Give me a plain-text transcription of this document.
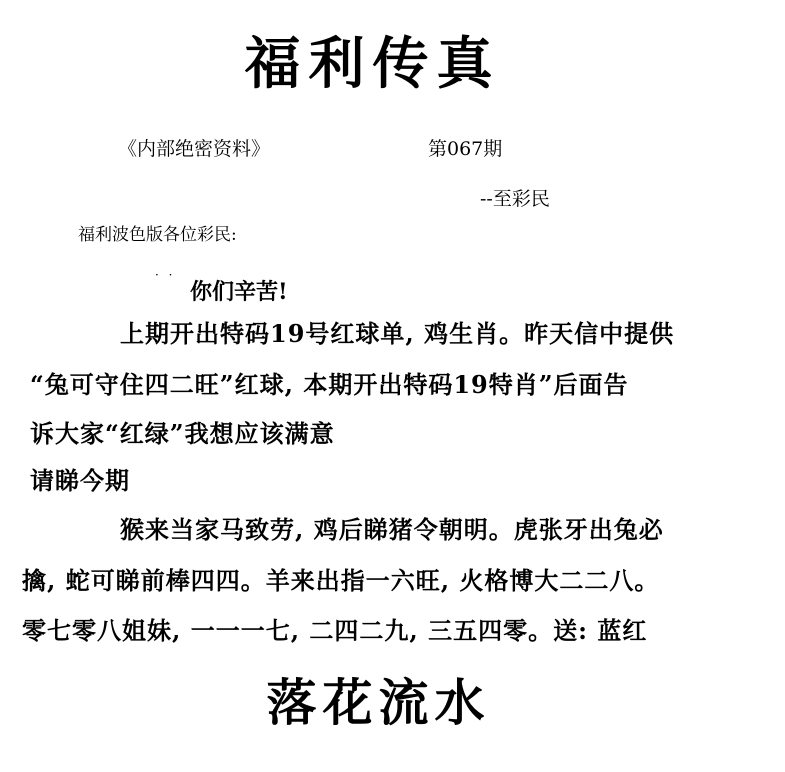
福利传真
《内部绝密资料》	第067期
--至彩民
福利波色版各位彩民:
· ·
你们辛苦!
上期开出特码19号红球单, 鸡生肖。昨天信中提供
“兔可守住四二旺”红球, 本期开出特码19特肖”后面告
诉大家“红绿”我想应该满意
请睇今期
猴来当家马致劳, 鸡后睇猪令朝明。虎张牙出兔必
擒, 蛇可睇前棒四四。羊来出指一六旺, 火格博大二二八。
零七零八姐妹, 一一一七, 二四二九, 三五四零。送: 蓝红
落花流水
